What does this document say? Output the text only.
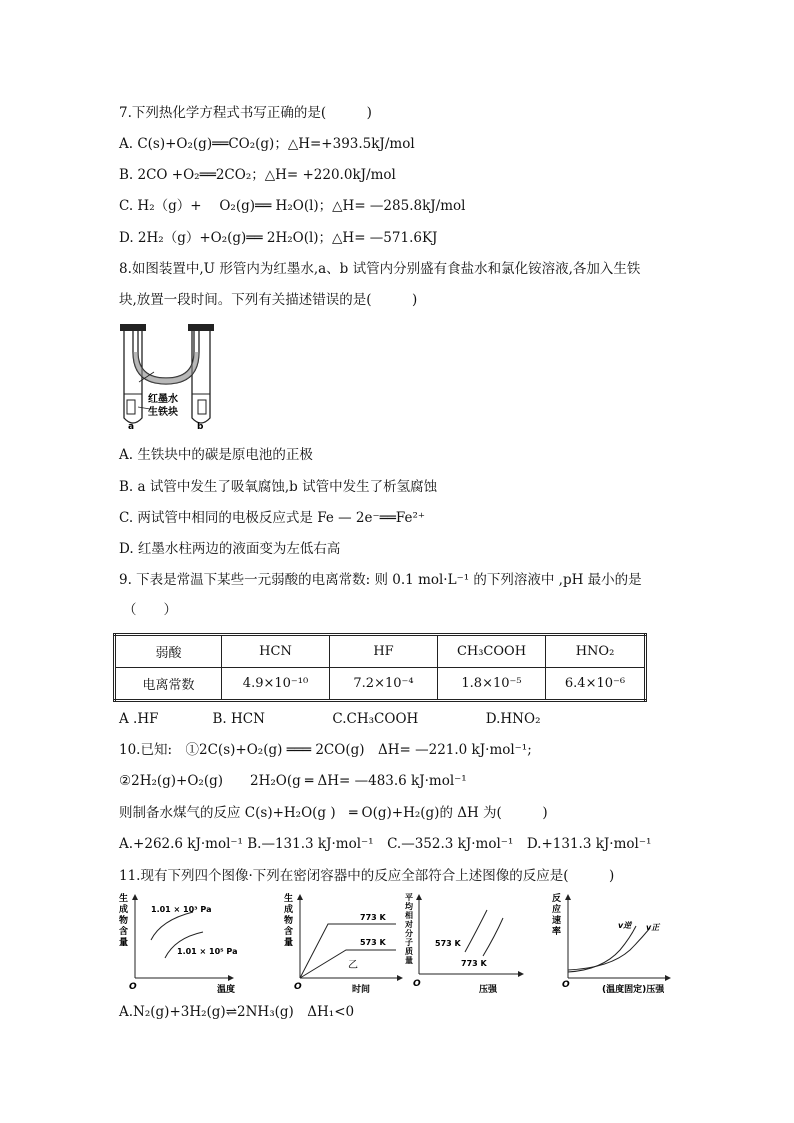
7.下列热化学方程式书写正确的是(　　　)
A. C(s)+O₂(g)══CO₂(g)；△H=+393.5kJ/mol
B. 2CO +O₂══2CO₂；△H= +220.0kJ/mol
C. H₂（g）+　 O₂(g)══ H₂O(l)；△H= —285.8kJ/mol
D. 2H₂（g）+O₂(g)══ 2H₂O(l)；△H= —571.6KJ
8.如图装置中,U 形管内为红墨水,a、b 试管内分别盛有食盐水和氯化铵溶液,各加入生铁
块,放置一段时间。下列有关描述错误的是(　　　)
红墨水
生铁块
a	b
A. 生铁块中的碳是原电池的正极
B. a 试管中发生了吸氧腐蚀,b 试管中发生了析氢腐蚀
C. 两试管中相同的电极反应式是 Fe — 2e⁻══Fe²⁺
D. 红墨水柱两边的液面变为左低右高
9. 下表是常温下某些一元弱酸的电离常数: 则 0.1 mol·L⁻¹ 的下列溶液中 ,pH 最小的是
（　　）
弱酸	HCN	HF	CH₃COOH	HNO₂
电离常数	4.9×10⁻¹⁰	7.2×10⁻⁴	1.8×10⁻⁵	6.4×10⁻⁶
A .HF　　　　B. HCN　　　　　C.CH₃COOH　　　　　D.HNO₂
10.已知:　①2C(s)+O₂(g) ═══ 2CO(g)　ΔH= —221.0 kJ·mol⁻¹;
②2H₂(g)+O₂(g)　　2H₂O(g ═ ΔH= —483.6 kJ·mol⁻¹
则制备水煤气的反应 C(s)+H₂O(g )　═ O(g)+H₂(g)的 ΔH 为(　　　)
A.+262.6 kJ·mol⁻¹ B.—131.3 kJ·mol⁻¹　C.—352.3 kJ·mol⁻¹　D.+131.3 kJ·mol⁻¹
11.现有下列四个图像·下列在密闭容器中的反应全部符合上述图像的反应是(　　　)
生
成
物
含
量
1.01 × 10³ Pa
1.01 × 10⁵ Pa
O	温度
生
成
物
含
量
773 K
573 K
乙
O	时间
平
均
相
对
分
子
质
量
573 K
773 K
O
压强
反
应
速
率
v逆 v正
O	(温度固定)压强
A.N₂(g)+3H₂(g)⇌2NH₃(g)　ΔH₁<0
